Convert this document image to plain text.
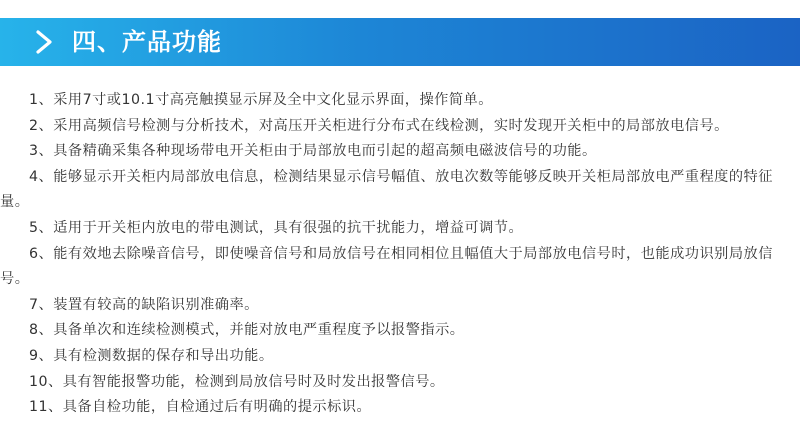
四、产品功能

1、采用7寸或10.1寸高亮触摸显示屏及全中文化显示界面，操作简单。

2、采用高频信号检测与分析技术，对高压开关柜进行分布式在线检测，实时发现开关柜中的局部放电信号。

3、具备精确采集各种现场带电开关柜由于局部放电而引起的超高频电磁波信号的功能。

4、能够显示开关柜内局部放电信息，检测结果显示信号幅值、放电次数等能够反映开关柜局部放电严重程度的特征量。

5、适用于开关柜内放电的带电测试，具有很强的抗干扰能力，增益可调节。

6、能有效地去除噪音信号，即使噪音信号和局放信号在相同相位且幅值大于局部放电信号时，也能成功识别局放信号。

7、装置有较高的缺陷识别准确率。

8、具备单次和连续检测模式，并能对放电严重程度予以报警指示。

9、具有检测数据的保存和导出功能。

10、具有智能报警功能，检测到局放信号时及时发出报警信号。

11、具备自检功能，自检通过后有明确的提示标识。
